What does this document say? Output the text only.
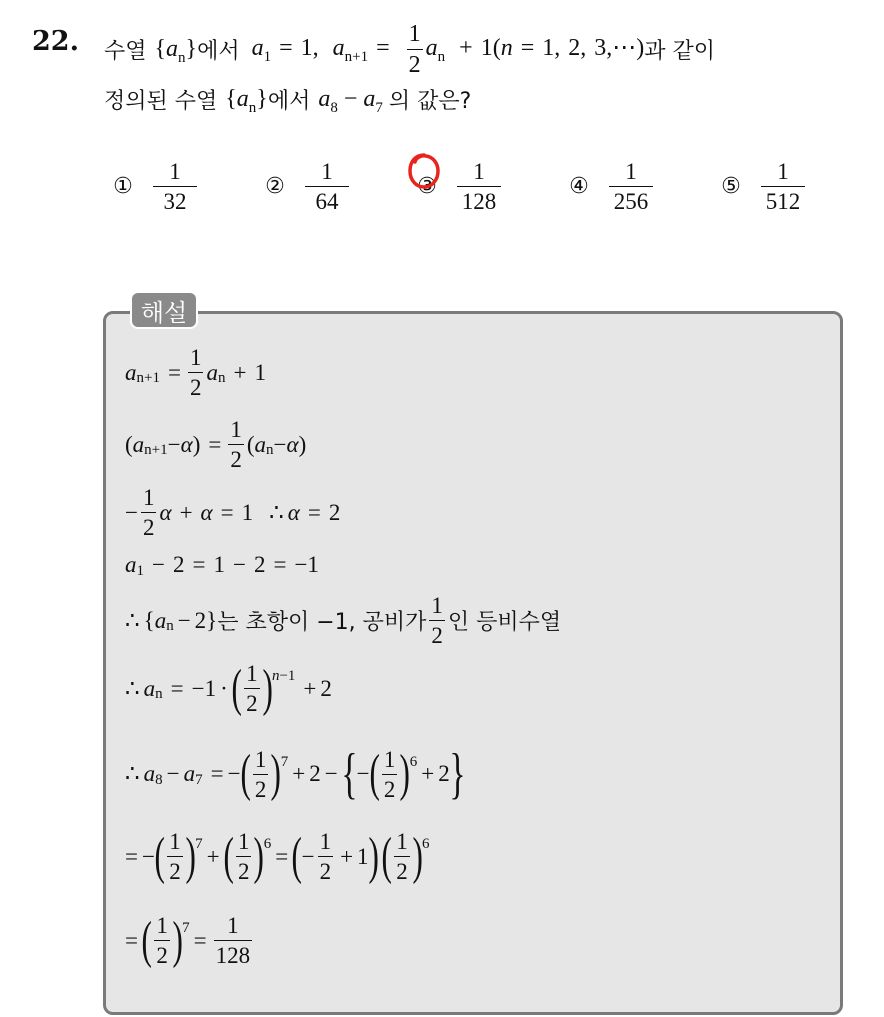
22. 수열 $\{a_n\}$ 에서 $a_1 = 1$, $a_{n+1} = \frac{1}{2} a_n + 1(n = 1$, 2, 3,⋯) 과 같이
정의된 수열 $\{a_n\}$ 에서 $a_8 - a_7$ 의 값은?
① $\frac{1}{32}$	② $\frac{1}{64}$	③ $\frac{1}{128}$	④ $\frac{1}{256}$	⑤ $\frac{1}{512}$
해설
a $n +1 = \frac{1}{2}$ a n + 1
( a n +1 − α ) = $\frac{1}{2}$ ( a n − α )
− $\frac{1}{2}$ α + α = 1 ∴ α = 2
a 1 − 2 = 1 − 2 = −1
∴ { a n − 2} 는 초항이 −1, 공비가 $\frac{1}{2}$ 인 등비수열
∴ a n = −1 · ( $\frac{1}{2}$ ) n−1 + 2
∴ a 8 − a 7 = − ( $\frac{1}{2}$ ) 7 + 2 − { − ( $\frac{1}{2}$ ) 6 + 2 }
= − ( $\frac{1}{2}$ ) 7 + ( $\frac{1}{2}$ ) 6 = ( − $\frac{1}{2} + 1$ ) ( $\frac{1}{2}$ ) 6
= ( $\frac{1}{2}$ ) $7 = \frac{1}{128}$
